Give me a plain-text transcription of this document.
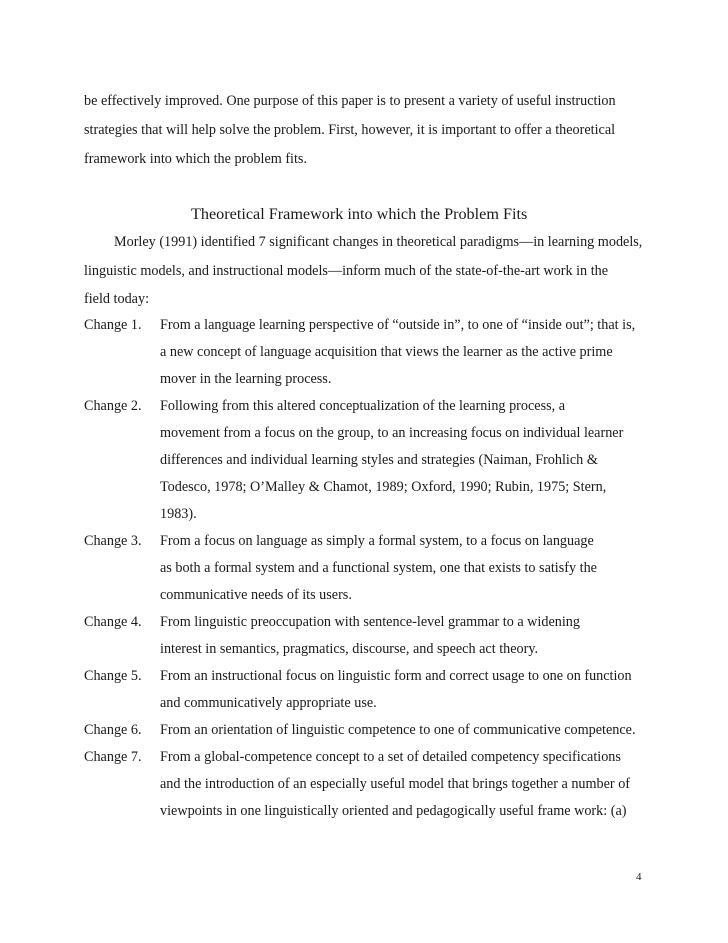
be effectively improved. One purpose of this paper is to present a variety of useful instruction
strategies that will help solve the problem. First, however, it is important to offer a theoretical
framework into which the problem fits.
Theoretical Framework into which the Problem Fits
Morley (1991) identified 7 significant changes in theoretical paradigms—in learning models,
linguistic models, and instructional models—inform much of the state-of-the-art work in the
field today:
Change 1. From a language learning perspective of “outside in”, to one of “inside out”; that is,
a new concept of language acquisition that views the learner as the active prime
mover in the learning process.
Change 2. Following from this altered conceptualization of the learning process, a
movement from a focus on the group, to an increasing focus on individual learner
differences and individual learning styles and strategies (Naiman, Frohlich &
Todesco, 1978; O’Malley & Chamot, 1989; Oxford, 1990; Rubin, 1975; Stern,
1983).
Change 3. From a focus on language as simply a formal system, to a focus on language
as both a formal system and a functional system, one that exists to satisfy the
communicative needs of its users.
Change 4. From linguistic preoccupation with sentence-level grammar to a widening
interest in semantics, pragmatics, discourse, and speech act theory.
Change 5. From an instructional focus on linguistic form and correct usage to one on function
and communicatively appropriate use.
Change 6. From an orientation of linguistic competence to one of communicative competence.
Change 7. From a global-competence concept to a set of detailed competency specifications
and the introduction of an especially useful model that brings together a number of
viewpoints in one linguistically oriented and pedagogically useful frame work: (a)
4
